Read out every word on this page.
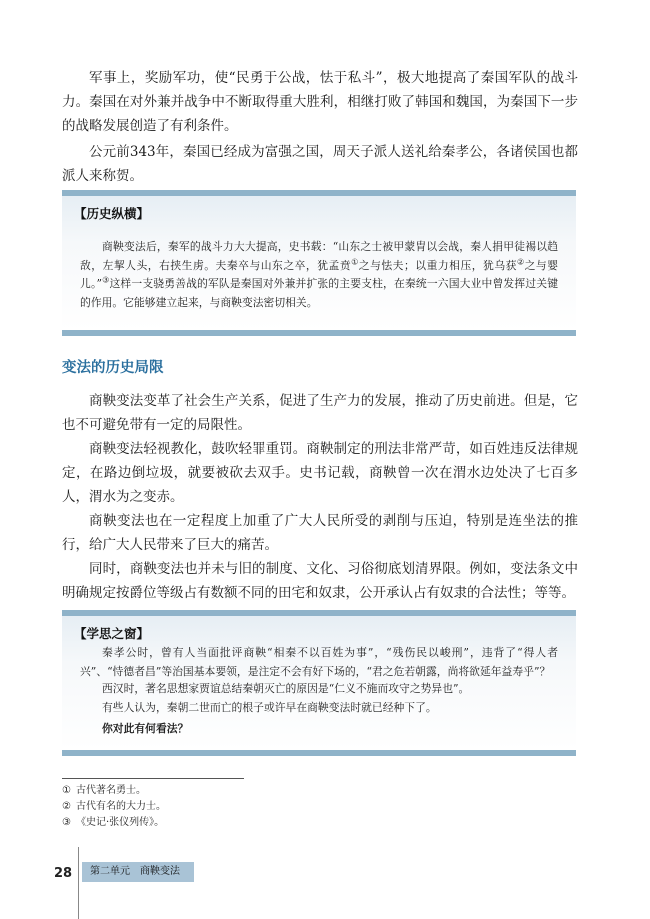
军事上，奖励军功，使“民勇于公战，怯于私斗”，极大地提高了秦国军队的战斗力。秦国在对外兼并战争中不断取得重大胜利，相继打败了韩国和魏国，为秦国下一步的战略发展创造了有利条件。

公元前343年，秦国已经成为富强之国，周天子派人送礼给秦孝公，各诸侯国也都派人来称贺。

【历史纵横】

商鞅变法后，秦军的战斗力大大提高，史书载：“山东之士被甲蒙胄以会战，秦人捐甲徒裼以趋敌，左挈人头，右挟生虏。夫秦卒与山东之卒，犹孟贲①之与怯夫；以重力相压，犹乌获②之与婴儿。”③这样一支骁勇善战的军队是秦国对外兼并扩张的主要支柱，在秦统一六国大业中曾发挥过关键的作用。它能够建立起来，与商鞅变法密切相关。

变法的历史局限

商鞅变法变革了社会生产关系，促进了生产力的发展，推动了历史前进。但是，它也不可避免带有一定的局限性。

商鞅变法轻视教化，鼓吹轻罪重罚。商鞅制定的刑法非常严苛，如百姓违反法律规定，在路边倒垃圾，就要被砍去双手。史书记载，商鞅曾一次在渭水边处决了七百多人，渭水为之变赤。

商鞅变法也在一定程度上加重了广大人民所受的剥削与压迫，特别是连坐法的推行，给广大人民带来了巨大的痛苦。

同时，商鞅变法也并未与旧的制度、文化、习俗彻底划清界限。例如，变法条文中明确规定按爵位等级占有数额不同的田宅和奴隶，公开承认占有奴隶的合法性；等等。

【学思之窗】

秦孝公时，曾有人当面批评商鞅“相秦不以百姓为事”，“残伤民以峻刑”，违背了“得人者兴”、“恃德者昌”等治国基本要领，是注定不会有好下场的，“君之危若朝露，尚将欲延年益寿乎”？

西汉时，著名思想家贾谊总结秦朝灭亡的原因是“仁义不施而攻守之势异也”。

有些人认为，秦朝二世而亡的根子或许早在商鞅变法时就已经种下了。

你对此有何看法？

① 古代著名勇士。
② 古代有名的大力士。
③ 《史记·张仪列传》。
28	第二单元　商鞅变法
